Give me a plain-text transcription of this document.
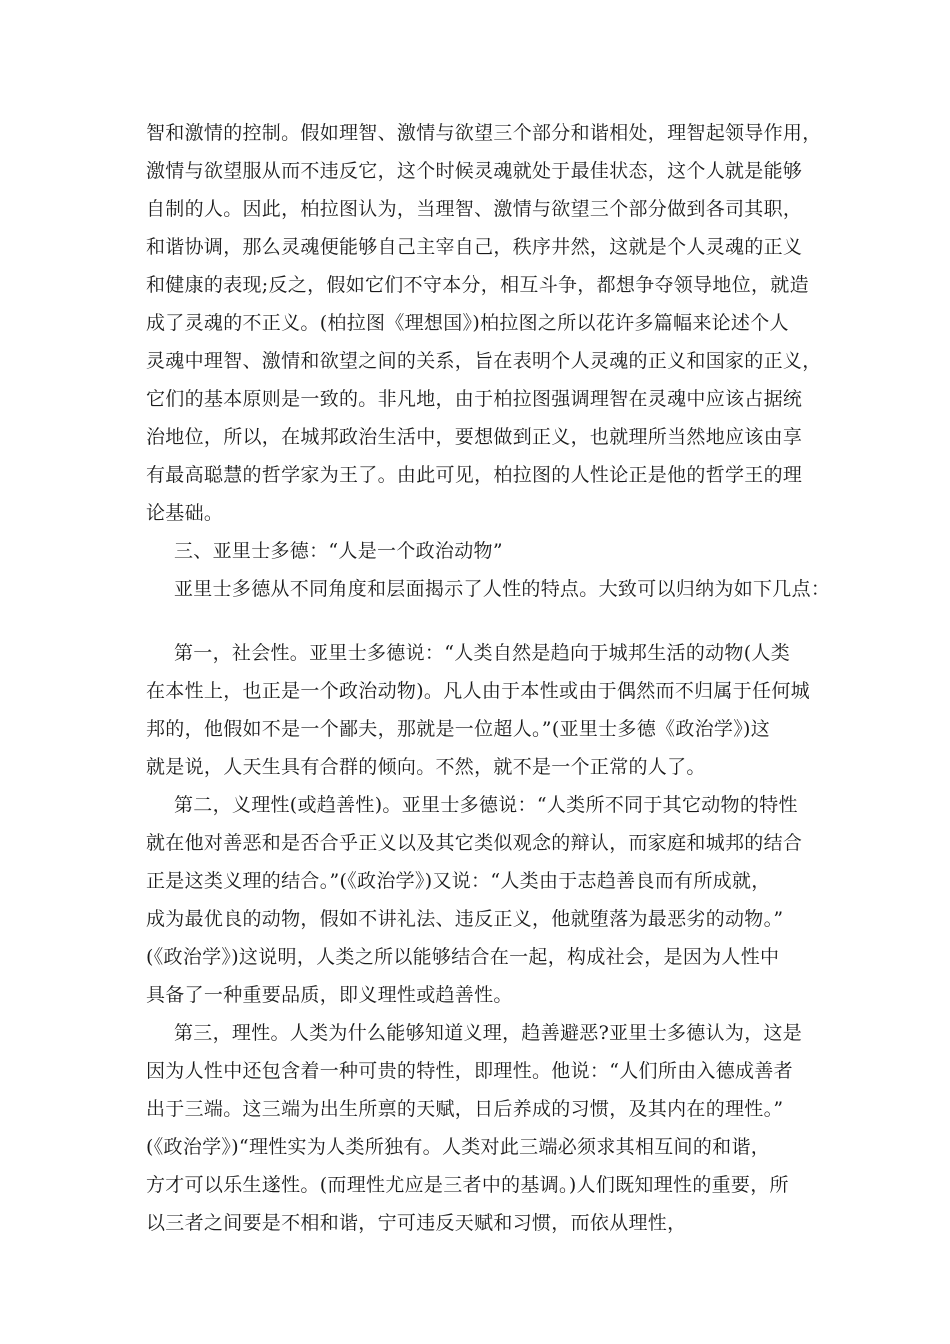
智和激情的控制。假如理智、激情与欲望三个部分和谐相处，理智起领导作用，
激情与欲望服从而不违反它，这个时候灵魂就处于最佳状态，这个人就是能够
自制的人。因此，柏拉图认为，当理智、激情与欲望三个部分做到各司其职，
和谐协调，那么灵魂便能够自己主宰自己，秩序井然，这就是个人灵魂的正义
和健康的表现;反之，假如它们不守本分，相互斗争，都想争夺领导地位，就造
成了灵魂的不正义。(柏拉图《理想国》)柏拉图之所以花许多篇幅来论述个人
灵魂中理智、激情和欲望之间的关系，旨在表明个人灵魂的正义和国家的正义，
它们的基本原则是一致的。非凡地，由于柏拉图强调理智在灵魂中应该占据统
治地位，所以，在城邦政治生活中，要想做到正义，也就理所当然地应该由享
有最高聪慧的哲学家为王了。由此可见，柏拉图的人性论正是他的哲学王的理
论基础。
三、亚里士多德：“人是一个政治动物”
亚里士多德从不同角度和层面揭示了人性的特点。大致可以归纳为如下几点：
第一，社会性。亚里士多德说：“人类自然是趋向于城邦生活的动物(人类
在本性上，也正是一个政治动物)。凡人由于本性或由于偶然而不归属于任何城
邦的，他假如不是一个鄙夫，那就是一位超人。”(亚里士多德《政治学》)这
就是说，人天生具有合群的倾向。不然，就不是一个正常的人了。
第二，义理性(或趋善性)。亚里士多德说：“人类所不同于其它动物的特性
就在他对善恶和是否合乎正义以及其它类似观念的辩认，而家庭和城邦的结合
正是这类义理的结合。”(《政治学》)又说：“人类由于志趋善良而有所成就，
成为最优良的动物，假如不讲礼法、违反正义，他就堕落为最恶劣的动物。”
(《政治学》)这说明，人类之所以能够结合在一起，构成社会，是因为人性中
具备了一种重要品质，即义理性或趋善性。
第三，理性。人类为什么能够知道义理，趋善避恶?亚里士多德认为，这是
因为人性中还包含着一种可贵的特性，即理性。他说：“人们所由入德成善者
出于三端。这三端为出生所禀的天赋，日后养成的习惯，及其内在的理性。”
(《政治学》)“理性实为人类所独有。人类对此三端必须求其相互间的和谐，
方才可以乐生遂性。(而理性尤应是三者中的基调。)人们既知理性的重要，所
以三者之间要是不相和谐，宁可违反天赋和习惯，而依从理性，
